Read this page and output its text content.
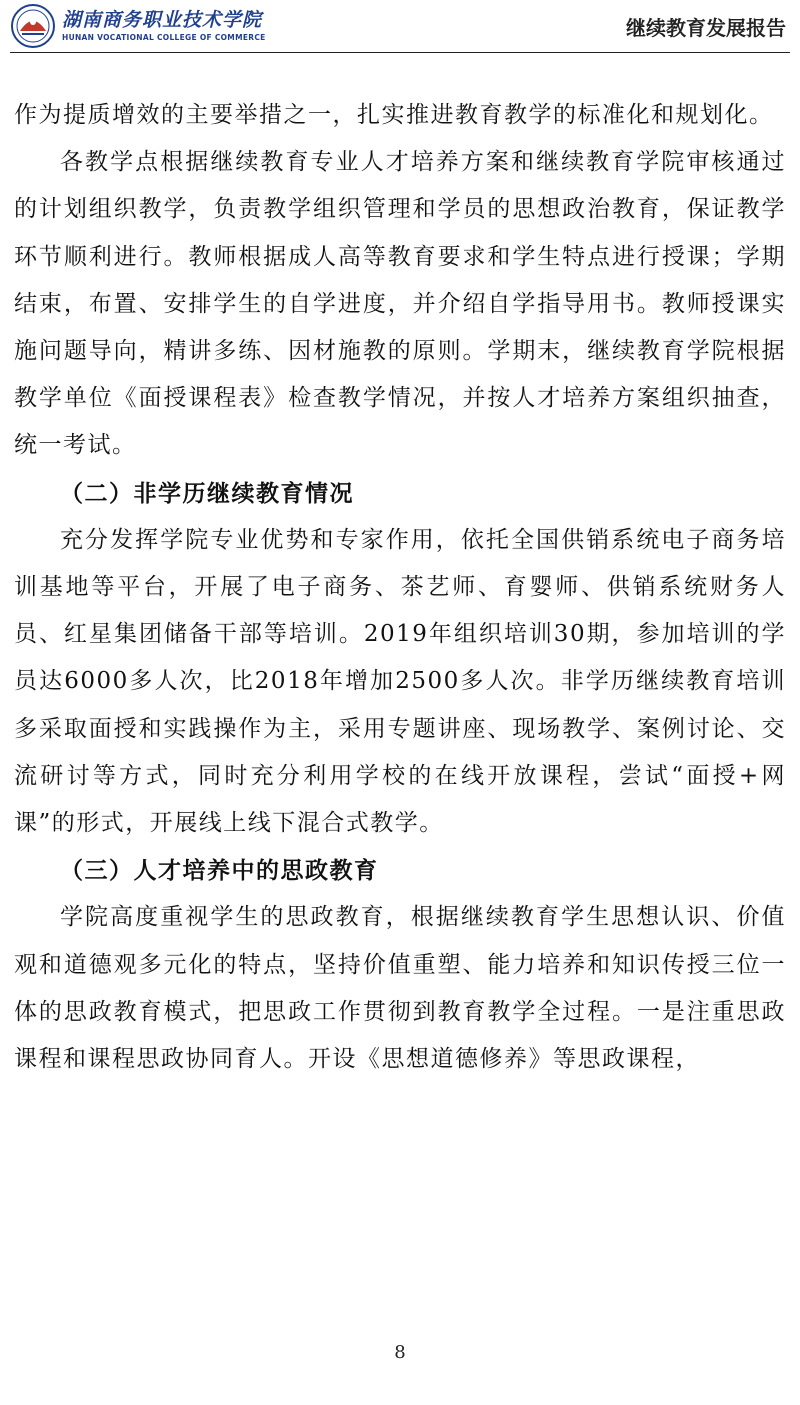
湖南商务职业技术学院
HUNAN VOCATIONAL COLLEGE OF COMMERCE	继续教育发展报告

作为提质增效的主要举措之一，扎实推进教育教学的标准化和规划化。

各教学点根据继续教育专业人才培养方案和继续教育学院审核通过的计划组织教学，负责教学组织管理和学员的思想政治教育，保证教学环节顺利进行。教师根据成人高等教育要求和学生特点进行授课；学期结束，布置、安排学生的自学进度，并介绍自学指导用书。教师授课实施问题导向，精讲多练、因材施教的原则。学期末，继续教育学院根据教学单位《面授课程表》检查教学情况，并按人才培养方案组织抽查，统一考试。

（二）非学历继续教育情况

充分发挥学院专业优势和专家作用，依托全国供销系统电子商务培训基地等平台，开展了电子商务、茶艺师、育婴师、供销系统财务人员、红星集团储备干部等培训。2019年组织培训30期，参加培训的学员达6000多人次，比2018年增加2500多人次。非学历继续教育培训多采取面授和实践操作为主，采用专题讲座、现场教学、案例讨论、交流研讨等方式，同时充分利用学校的在线开放课程，尝试“面授+网课”的形式，开展线上线下混合式教学。

（三）人才培养中的思政教育

学院高度重视学生的思政教育，根据继续教育学生思想认识、价值观和道德观多元化的特点，坚持价值重塑、能力培养和知识传授三位一体的思政教育模式，把思政工作贯彻到教育教学全过程。一是注重思政课程和课程思政协同育人。开设《思想道德修养》等思政课程，

8
